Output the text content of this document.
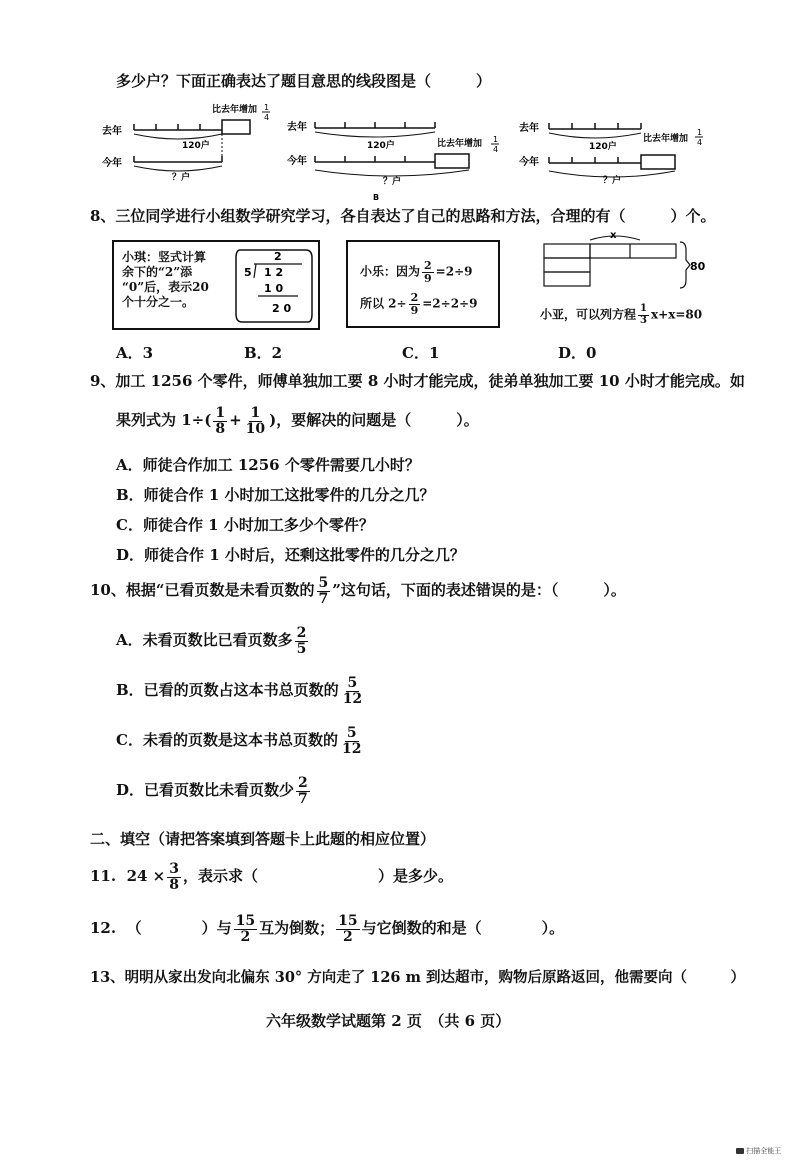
多少户？下面正确表达了题目意思的线段图是（　　　）
去年
今年
比去年增加 1
4
120户
？户
去年
今年
120户	比去年增加 1
4
？户
B
去年
今年
比去年增加
1
4
120户
？户
8、三位同学进行小组数学研究学习，各自表达了自己的思路和方法，合理的有（　　　）个。
小琪：竖式计算
余下的“2”添
“0”后，表示20
个十分之一。
2
5 1 2
1 0
2 0
小乐：因为 $\frac{2}{9} =2\div 9$
所以 $2\div \frac{2}{9} =2\div 2\div 9$
x
80
小亚，可以列方程 $\frac{1}{3} x+x=80$
A．3	B．2	C．1	D．0
9、加工 1256 个零件，师傅单独加工要 8 小时才能完成，徒弟单独加工要 10 小时才能完成。如
果列式为 $1\div( \frac{1}{8} + \frac{1}{10}$ )，要解决的问题是（　　　）。
A．师徒合作加工 1256 个零件需要几小时？
B．师徒合作 1 小时加工这批零件的几分之几？
C．师徒合作 1 小时加工多少个零件？
D．师徒合作 1 小时后，还剩这批零件的几分之几？
10、根据“已看页数是未看页数的 $\frac{5}{7}$ ”这句话，下面的表述错误的是：（　　　）。
A．未看页数比已看页数多 $\frac{2}{5}$
B．已看的页数占这本书总页数的 $\frac{5}{12}$
C．未看的页数是这本书总页数的 $\frac{5}{12}$
D．已看页数比未看页数少 $\frac{2}{7}$
二、填空（请把答案填到答题卡上此题的相应位置）
11. $24 \times \frac{3}{8}$ ，表示求（　　　　　　　　）是多少。
12. （　　　　）与 $\frac{15}{2}$ 互为倒数； $\frac{15}{2}$ 与它倒数的和是（　　　　）。
13、明明从家出发向北偏东 30° 方向走了 126 m 到达超市，购物后原路返回，他需要向（　　　）
六年级数学试题第 2 页　（共 6 页）
扫描全能王
